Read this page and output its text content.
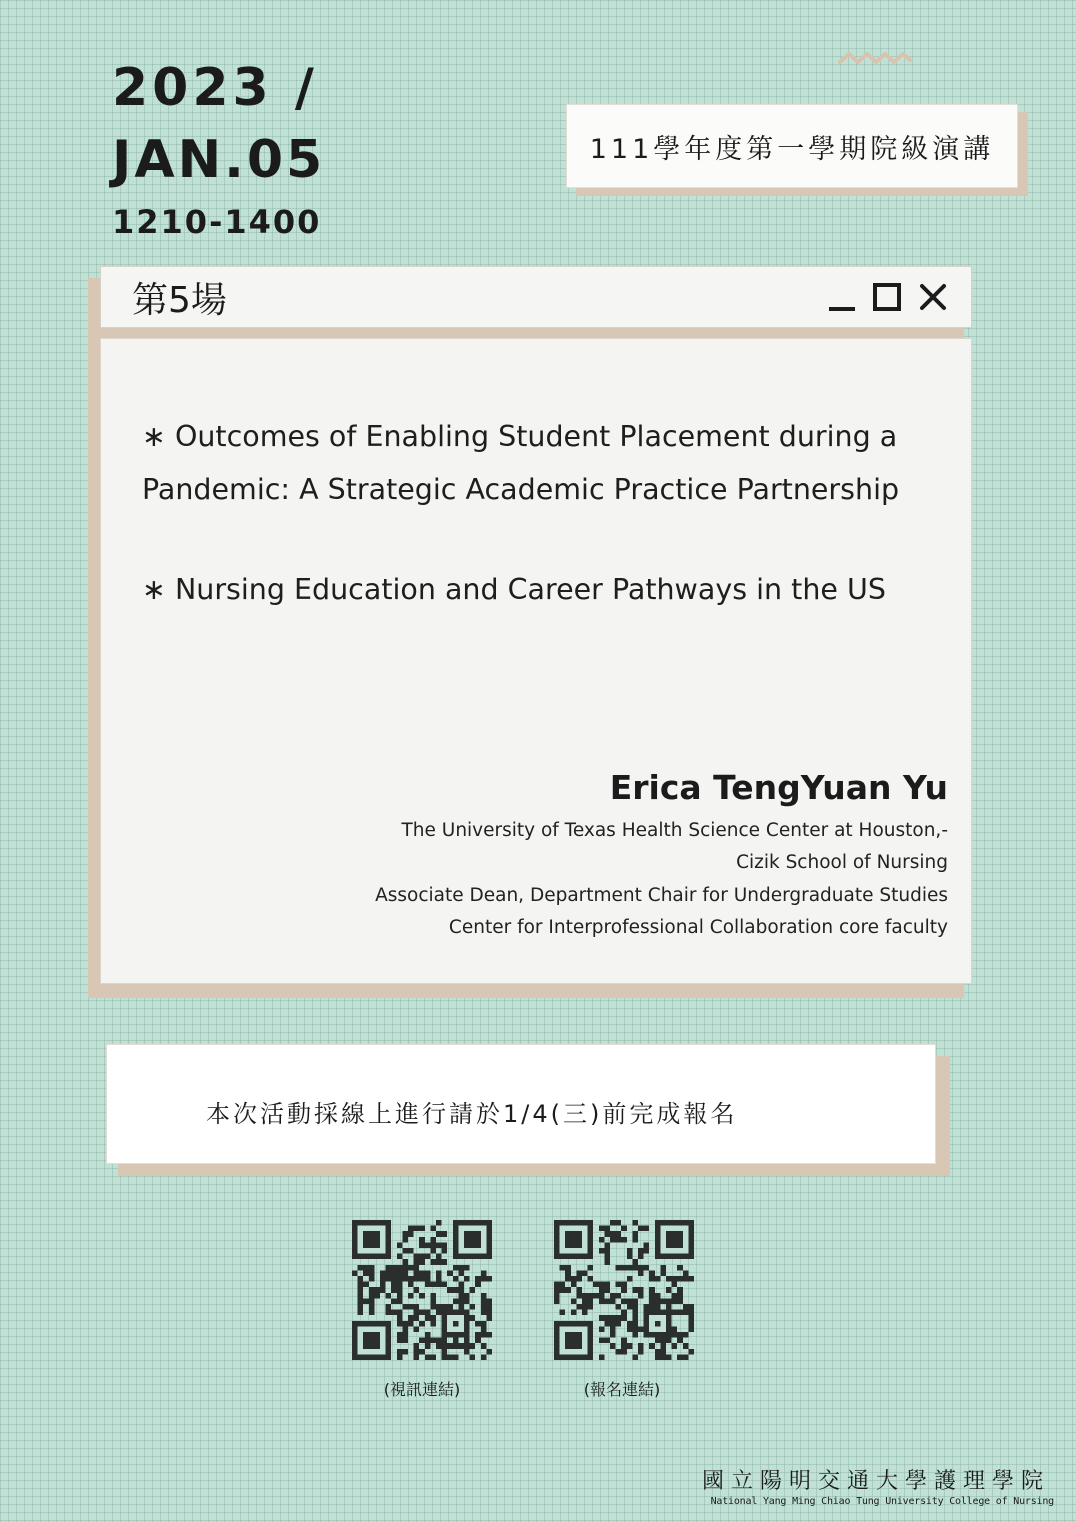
2023 /
JAN.05
1210-1400
111學年度第一學期院級演講
第5場
∗ Outcomes of Enabling Student Placement during a
Pandemic: A Strategic Academic Practice Partnership
∗ Nursing Education and Career Pathways in the US
Erica TengYuan Yu
The University of Texas Health Science Center at Houston,-
Cizik School of Nursing
Associate Dean, Department Chair for Undergraduate Studies
Center for Interprofessional Collaboration core faculty
本次活動採線上進行請於1/4(三)前完成報名
(視訊連結)	(報名連結)
國立陽明交通大學護理學院
National Yang Ming Chiao Tung University College of Nursing
